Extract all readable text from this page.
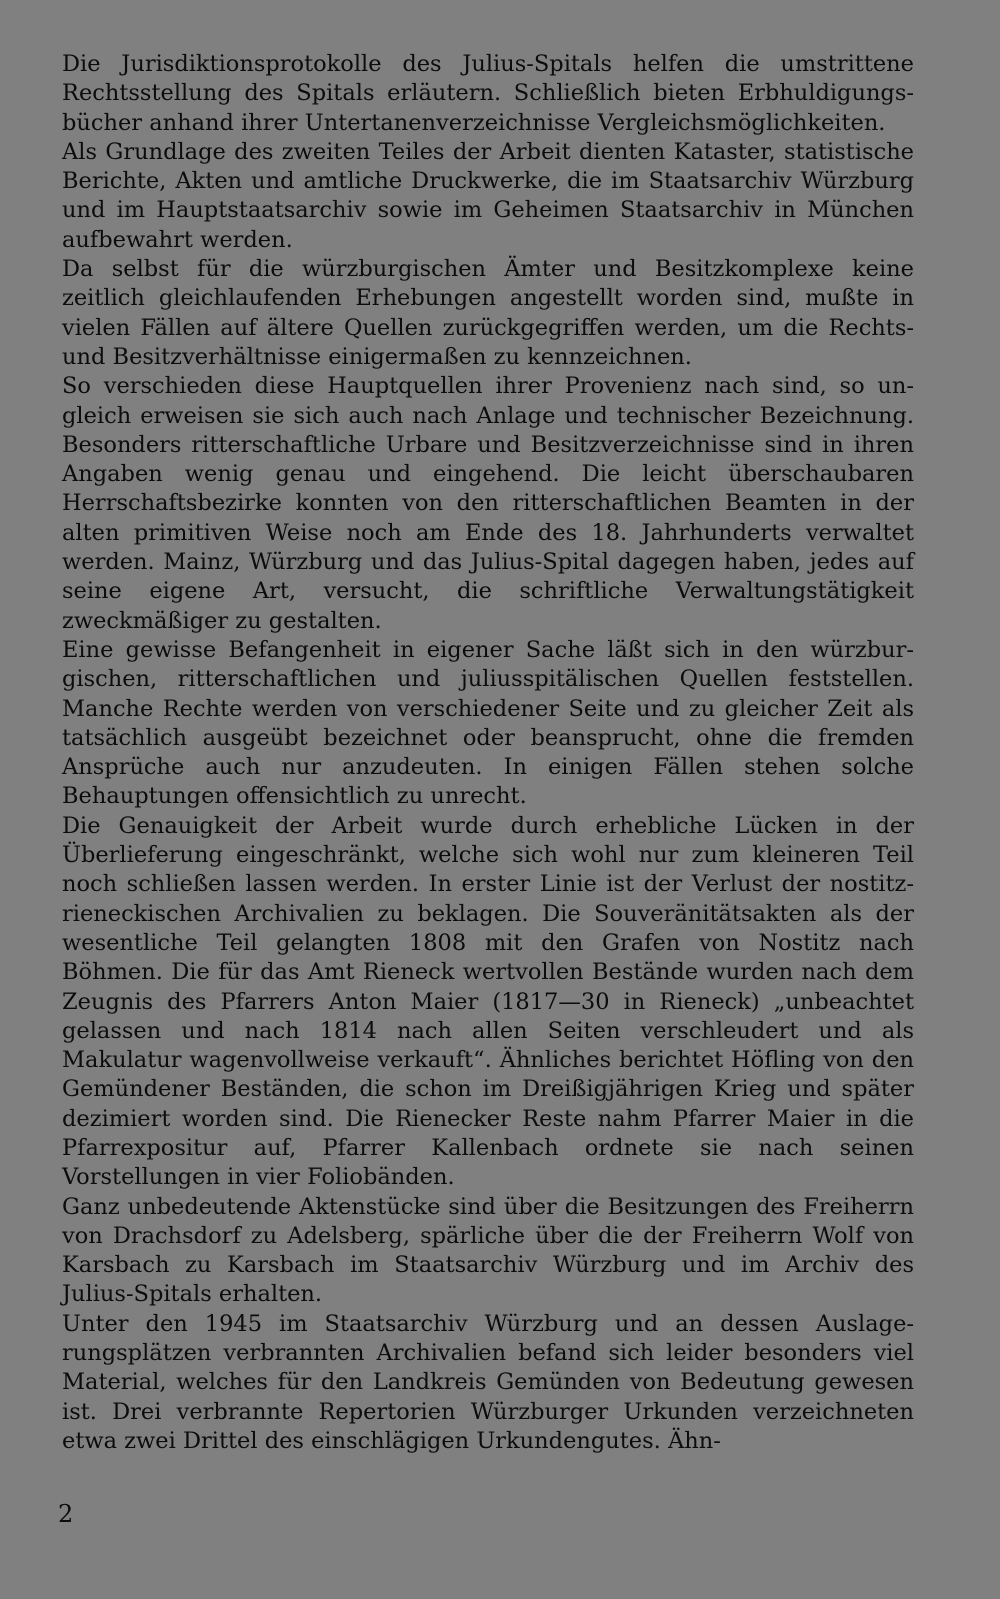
Die Jurisdiktionsprotokolle des Julius-Spitals helfen die umstrittene Rechtsstellung des Spitals erläutern. Schließlich bieten Erbhuldigungsbücher anhand ihrer Untertanenverzeichnisse Vergleichsmöglichkeiten.

Als Grundlage des zweiten Teiles der Arbeit dienten Kataster, statistische Berichte, Akten und amtliche Druckwerke, die im Staatsarchiv Würzburg und im Hauptstaatsarchiv sowie im Geheimen Staatsarchiv in München aufbewahrt werden.

Da selbst für die würzburgischen Ämter und Besitzkomplexe keine zeitlich gleichlaufenden Erhebungen angestellt worden sind, mußte in vielen Fällen auf ältere Quellen zurückgegriffen werden, um die Rechts- und Besitzverhältnisse einigermaßen zu kennzeichnen.

So verschieden diese Hauptquellen ihrer Provenienz nach sind, so ungleich erweisen sie sich auch nach Anlage und technischer Bezeichnung. Besonders ritterschaftliche Urbare und Besitzverzeichnisse sind in ihren Angaben wenig genau und eingehend. Die leicht überschaubaren Herrschaftsbezirke konnten von den ritterschaftlichen Beamten in der alten primitiven Weise noch am Ende des 18. Jahrhunderts verwaltet werden. Mainz, Würzburg und das Julius-Spital dagegen haben, jedes auf seine eigene Art, versucht, die schriftliche Verwaltungstätigkeit zweckmäßiger zu gestalten.

Eine gewisse Befangenheit in eigener Sache läßt sich in den würzburgischen, ritterschaftlichen und juliusspitälischen Quellen feststellen. Manche Rechte werden von verschiedener Seite und zu gleicher Zeit als tatsächlich ausgeübt bezeichnet oder beansprucht, ohne die fremden Ansprüche auch nur anzudeuten. In einigen Fällen stehen solche Behauptungen offensichtlich zu unrecht.

Die Genauigkeit der Arbeit wurde durch erhebliche Lücken in der Überlieferung eingeschränkt, welche sich wohl nur zum kleineren Teil noch schließen lassen werden. In erster Linie ist der Verlust der nostitz-rieneckischen Archivalien zu beklagen. Die Souveränitätsakten als der wesentliche Teil gelangten 1808 mit den Grafen von Nostitz nach Böhmen. Die für das Amt Rieneck wertvollen Bestände wurden nach dem Zeugnis des Pfarrers Anton Maier (1817—30 in Rieneck) „unbeachtet gelassen und nach 1814 nach allen Seiten verschleudert und als Makulatur wagenvollweise verkauft“. Ähnliches berichtet Höfling von den Gemündener Beständen, die schon im Dreißigjährigen Krieg und später dezimiert worden sind. Die Rienecker Reste nahm Pfarrer Maier in die Pfarrexpositur auf, Pfarrer Kallenbach ordnete sie nach seinen Vorstellungen in vier Foliobänden.

Ganz unbedeutende Aktenstücke sind über die Besitzungen des Freiherrn von Drachsdorf zu Adelsberg, spärliche über die der Freiherrn Wolf von Karsbach zu Karsbach im Staatsarchiv Würzburg und im Archiv des Julius-Spitals erhalten.

Unter den 1945 im Staatsarchiv Würzburg und an dessen Auslagerungsplätzen verbrannten Archivalien befand sich leider besonders viel Material, welches für den Landkreis Gemünden von Bedeutung gewesen ist. Drei verbrannte Repertorien Würzburger Urkunden verzeichneten etwa zwei Drittel des einschlägigen Urkundengutes. Ähn-

2
